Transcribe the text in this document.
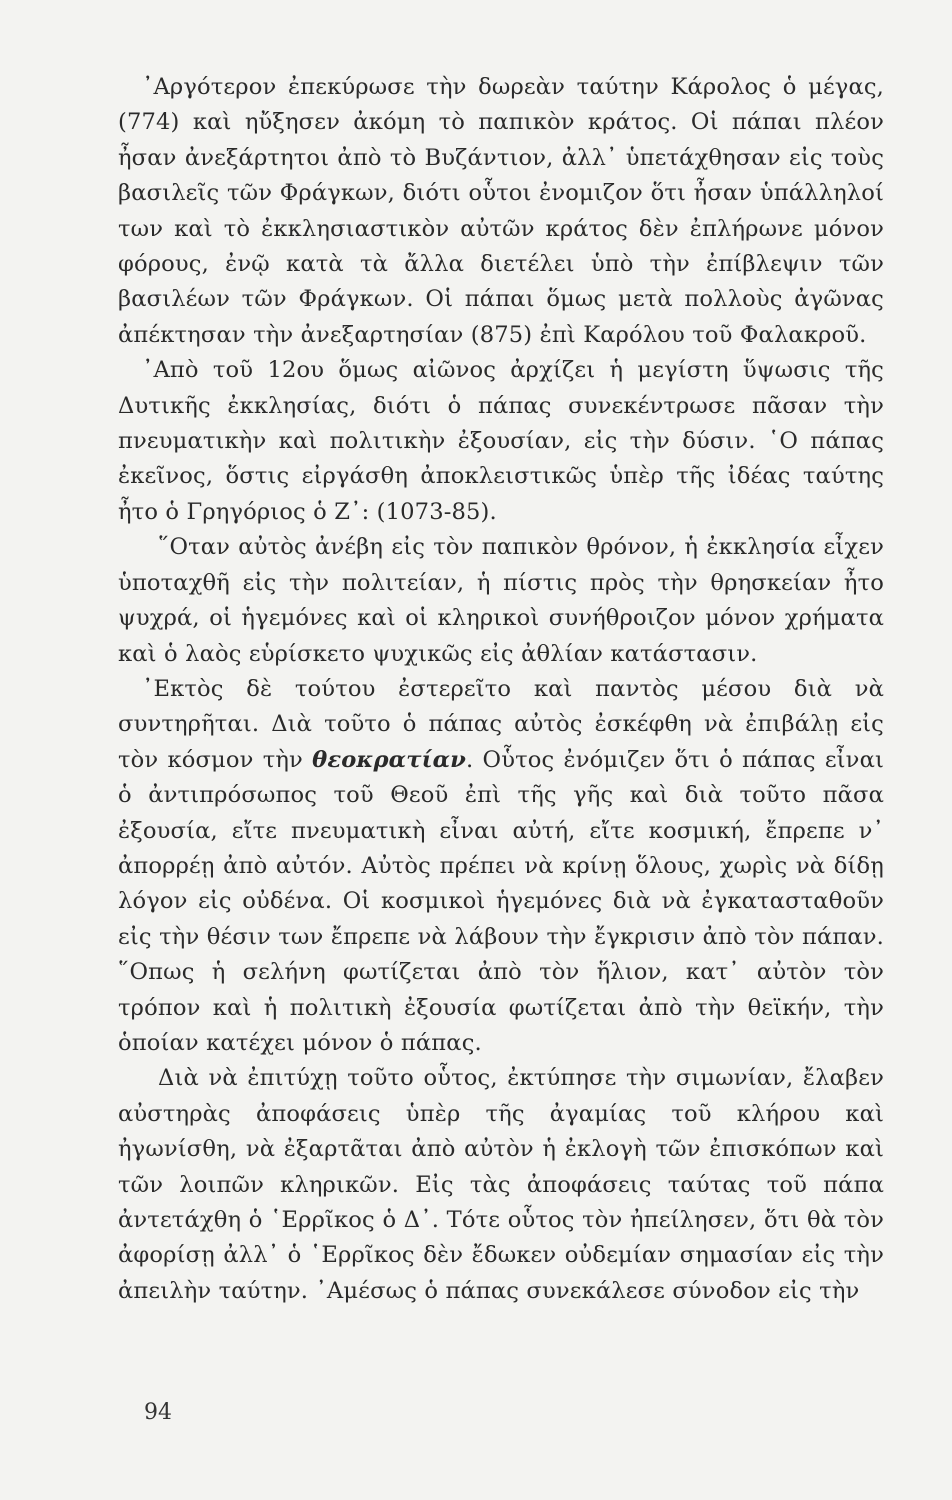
᾿Αργότερον ἐπεκύρωσε τὴν δωρεὰν ταύτην Κάρολος ὁ μέγας, (774) καὶ ηὔξησεν ἀκόμη τὸ παπικὸν κράτος. Οἱ πάπαι πλέον ἦσαν ἀνεξάρτητοι ἀπὸ τὸ Βυζάντιον, ἀλλ᾿ ὑπετάχθησαν εἰς τοὺς βασιλεῖς τῶν Φράγκων, διότι οὗτοι ἐνομιζον ὅτι ἦσαν ὑπάλληλοί των καὶ τὸ ἐκκλησιαστικὸν αὐτῶν κράτος δὲν ἐπλήρωνε μόνον φόρους, ἐνῷ κατὰ τὰ ἄλλα διετέλει ὑπὸ τὴν ἐπίβλεψιν τῶν βασιλέων τῶν Φράγκων. Οἱ πάπαι ὅμως μετὰ πολλοὺς ἀγῶνας ἀπέκτησαν τὴν ἀνεξαρτησίαν (875) ἐπὶ Καρόλου τοῦ Φαλακροῦ.

᾿Απὸ τοῦ 12ου ὅμως αἰῶνος ἀρχίζει ἡ μεγίστη ὕψωσις τῆς Δυτικῆς ἐκκλησίας, διότι ὁ πάπας συνεκέντρωσε πᾶσαν τὴν πνευματικὴν καὶ πολιτικὴν ἐξουσίαν, εἰς τὴν δύσιν. ῾Ο πάπας ἐκεῖνος, ὅστις εἰργάσθη ἀποκλειστικῶς ὑπὲρ τῆς ἰδέας ταύτης ἦτο ὁ Γρηγόριος ὁ Ζ᾿: (1073-85).

῞Οταν αὐτὸς ἀνέβη εἰς τὸν παπικὸν θρόνον, ἡ ἐκκλησία εἶχεν ὑποταχθῆ εἰς τὴν πολιτείαν, ἡ πίστις πρὸς τὴν θρησκείαν ἦτο ψυχρά, οἱ ἡγεμόνες καὶ οἱ κληρικοὶ συνήθροιζον μόνον χρήματα καὶ ὁ λαὸς εὑρίσκετο ψυχικῶς εἰς ἀθλίαν κατάστασιν.

᾿Εκτὸς δὲ τούτου ἐστερεῖτο καὶ παντὸς μέσου διὰ νὰ συντηρῆται. Διὰ τοῦτο ὁ πάπας αὐτὸς ἐσκέφθη νὰ ἐπιβάλῃ εἰς τὸν κόσμον τὴν θεοκρατίαν. Οὗτος ἐνόμιζεν ὅτι ὁ πάπας εἶναι ὁ ἀντιπρόσωπος τοῦ Θεοῦ ἐπὶ τῆς γῆς καὶ διὰ τοῦτο πᾶσα ἐξουσία, εἴτε πνευματικὴ εἶναι αὐτή, εἴτε κοσμική, ἔπρεπε ν᾿ ἀπορρέῃ ἀπὸ αὐτόν. Αὐτὸς πρέπει νὰ κρίνῃ ὅλους, χωρὶς νὰ δίδῃ λόγον εἰς οὐδένα. Οἱ κοσμικοὶ ἡγεμόνες διὰ νὰ ἐγκατασταθοῦν εἰς τὴν θέσιν των ἔπρεπε νὰ λάβουν τὴν ἔγκρισιν ἀπὸ τὸν πάπαν. ῞Οπως ἡ σελήνη φωτίζεται ἀπὸ τὸν ἥλιον, κατ᾿ αὐτὸν τὸν τρόπον καὶ ἡ πολιτικὴ ἐξουσία φωτίζεται ἀπὸ τὴν θεϊκήν, τὴν ὁποίαν κατέχει μόνον ὁ πάπας.

Διὰ νὰ ἐπιτύχῃ τοῦτο οὗτος, ἐκτύπησε τὴν σιμωνίαν, ἔλαβεν αὐστηρὰς ἀποφάσεις ὑπὲρ τῆς ἀγαμίας τοῦ κλήρου καὶ ἠγωνίσθη, νὰ ἐξαρτᾶται ἀπὸ αὐτὸν ἡ ἐκλογὴ τῶν ἐπισκόπων καὶ τῶν λοιπῶν κληρικῶν. Εἰς τὰς ἀποφάσεις ταύτας τοῦ πάπα ἀντετάχθη ὁ ῾Ερρῖκος ὁ Δ᾿. Τότε οὗτος τὸν ἠπείλησεν, ὅτι θὰ τὸν ἀφορίσῃ ἀλλ᾿ ὁ ῾Ερρῖκος δὲν ἔδωκεν οὐδεμίαν σημασίαν εἰς τὴν ἀπειλὴν ταύτην. ᾿Αμέσως ὁ πάπας συνεκάλεσε σύνοδον εἰς τὴν

94
